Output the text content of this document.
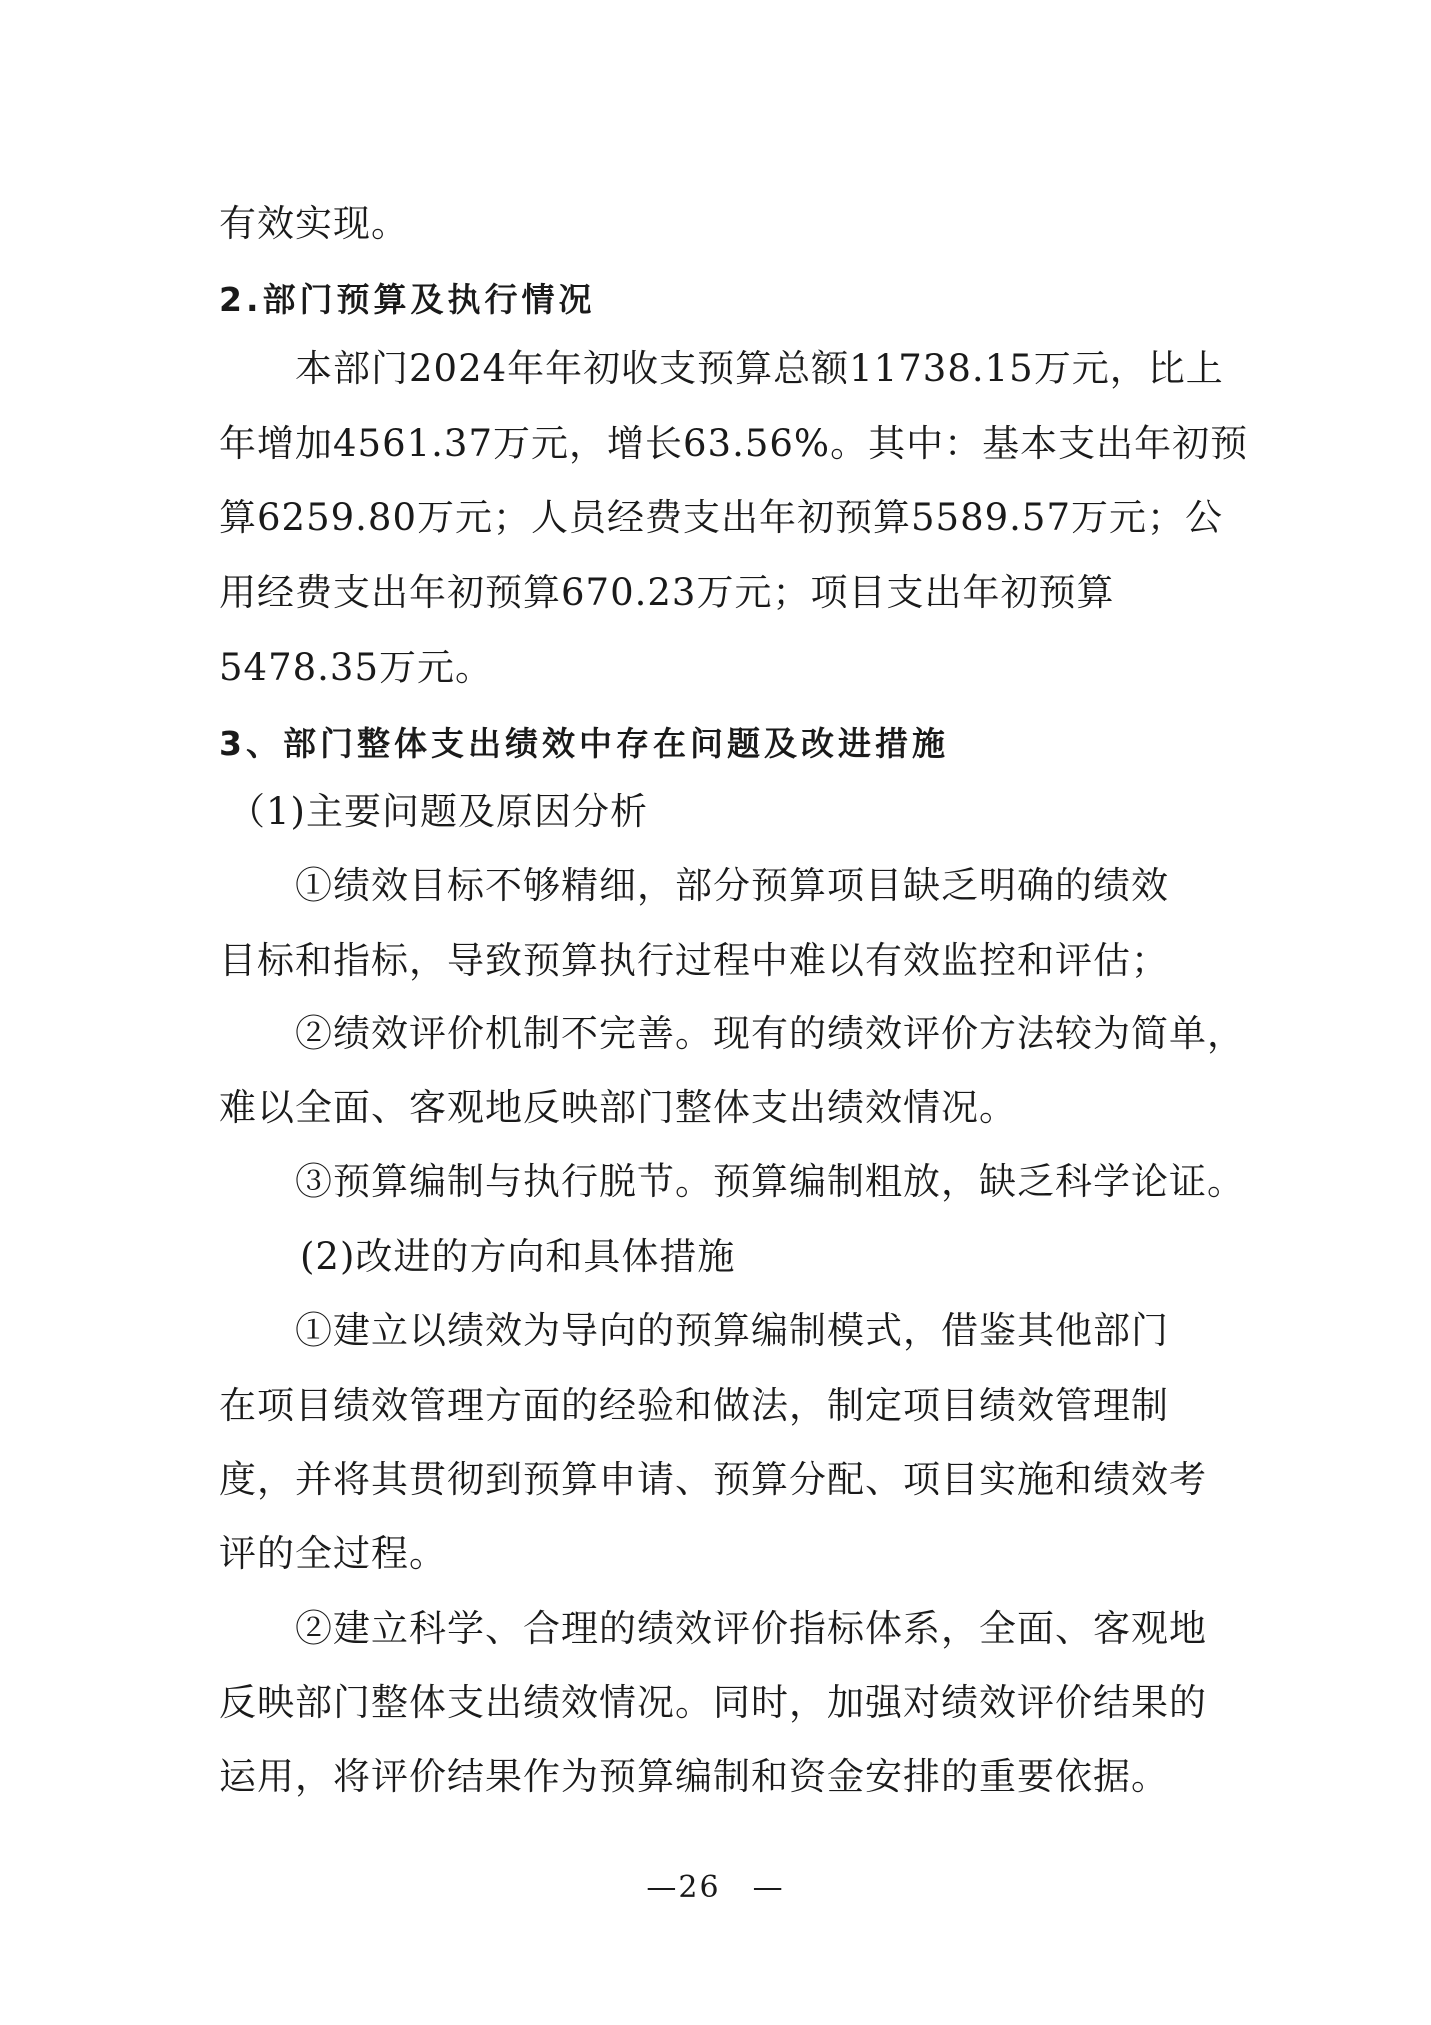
有效实现。
2.部门预算及执行情况
本部门2024年年初收支预算总额11738.15万元，比上
年增加4561.37万元，增长63.56%。其中：基本支出年初预
算6259.80万元；人员经费支出年初预算5589.57万元；公
用经费支出年初预算670.23万元；项目支出年初预算
5478.35万元。
3、部门整体支出绩效中存在问题及改进措施
（1)主要问题及原因分析
①绩效目标不够精细，部分预算项目缺乏明确的绩效
目标和指标，导致预算执行过程中难以有效监控和评估；
②绩效评价机制不完善。现有的绩效评价方法较为简单，
难以全面、客观地反映部门整体支出绩效情况。
③预算编制与执行脱节。预算编制粗放，缺乏科学论证。
(2)改进的方向和具体措施
①建立以绩效为导向的预算编制模式，借鉴其他部门
在项目绩效管理方面的经验和做法，制定项目绩效管理制
度，并将其贯彻到预算申请、预算分配、项目实施和绩效考
评的全过程。
②建立科学、合理的绩效评价指标体系，全面、客观地
反映部门整体支出绩效情况。同时，加强对绩效评价结果的
运用，将评价结果作为预算编制和资金安排的重要依据。
—26　—
